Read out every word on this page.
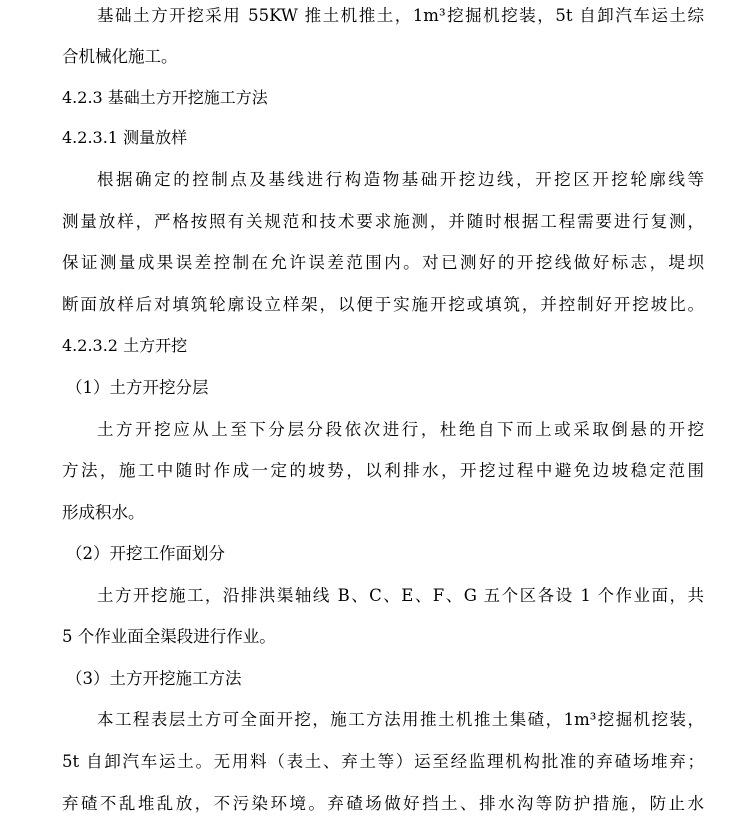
基础土方开挖采用 55KW 推土机推土，1m³挖掘机挖装，5t 自卸汽车运土综
合机械化施工。
4.2.3 基础土方开挖施工方法
4.2.3.1 测量放样
根据确定的控制点及基线进行构造物基础开挖边线，开挖区开挖轮廓线等
测量放样，严格按照有关规范和技术要求施测，并随时根据工程需要进行复测，
保证测量成果误差控制在允许误差范围内。对已测好的开挖线做好标志，堤坝
断面放样后对填筑轮廓设立样架，以便于实施开挖或填筑，并控制好开挖坡比。
4.2.3.2 土方开挖
（1）土方开挖分层
土方开挖应从上至下分层分段依次进行，杜绝自下而上或采取倒悬的开挖
方法，施工中随时作成一定的坡势，以利排水，开挖过程中避免边坡稳定范围
形成积水。
（2）开挖工作面划分
土方开挖施工，沿排洪渠轴线 B、C、E、F、G 五个区各设 1 个作业面，共
5 个作业面全渠段进行作业。
（3）土方开挖施工方法
本工程表层土方可全面开挖，施工方法用推土机推土集碴，1m³挖掘机挖装，
5t 自卸汽车运土。无用料（表土、弃土等）运至经监理机构批准的弃碴场堆弃；
弃碴不乱堆乱放，不污染环境。弃碴场做好挡土、排水沟等防护措施，防止水
